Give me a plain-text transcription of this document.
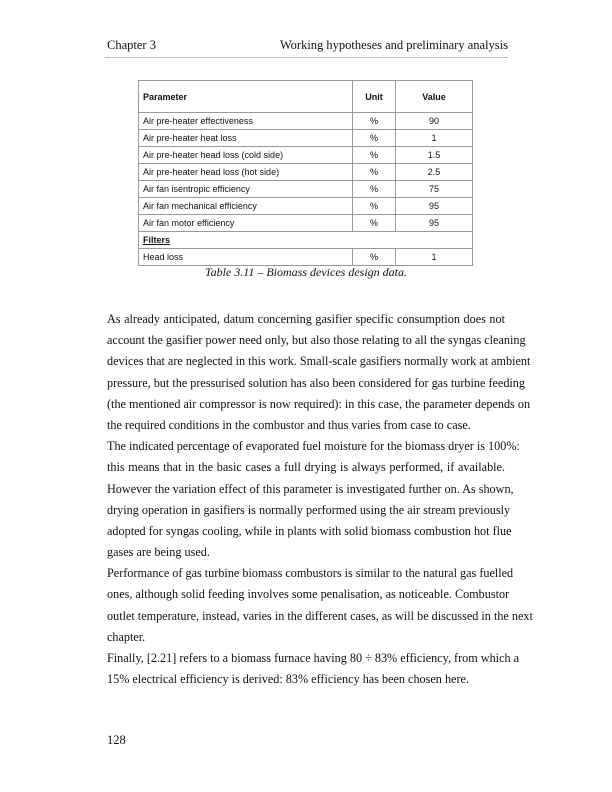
Chapter 3	Working hypotheses and preliminary analysis
Parameter	Unit	Value
Air pre-heater effectiveness	%	90
Air pre-heater heat loss	%	1
Air pre-heater head loss (cold side)	%	1.5
Air pre-heater head loss (hot side)	%	2.5
Air fan isentropic efficiency	%	75
Air fan mechanical efficiency	%	95
Air fan motor efficiency	%	95
Filters		
Head loss	%	1
Table 3.11 – Biomass devices design data.
As already anticipated, datum concerning gasifier specific consumption does not
account the gasifier power need only, but also those relating to all the syngas cleaning
devices that are neglected in this work. Small-scale gasifiers normally work at ambient
pressure, but the pressurised solution has also been considered for gas turbine feeding
(the mentioned air compressor is now required): in this case, the parameter depends on
the required conditions in the combustor and thus varies from case to case.
The indicated percentage of evaporated fuel moisture for the biomass dryer is 100%:
this means that in the basic cases a full drying is always performed, if available.
However the variation effect of this parameter is investigated further on. As shown,
drying operation in gasifiers is normally performed using the air stream previously
adopted for syngas cooling, while in plants with solid biomass combustion hot flue
gases are being used.
Performance of gas turbine biomass combustors is similar to the natural gas fuelled
ones, although solid feeding involves some penalisation, as noticeable. Combustor
outlet temperature, instead, varies in the different cases, as will be discussed in the next
chapter.
Finally, [2.21] refers to a biomass furnace having 80 ÷ 83% efficiency, from which a
15% electrical efficiency is derived: 83% efficiency has been chosen here.
128
